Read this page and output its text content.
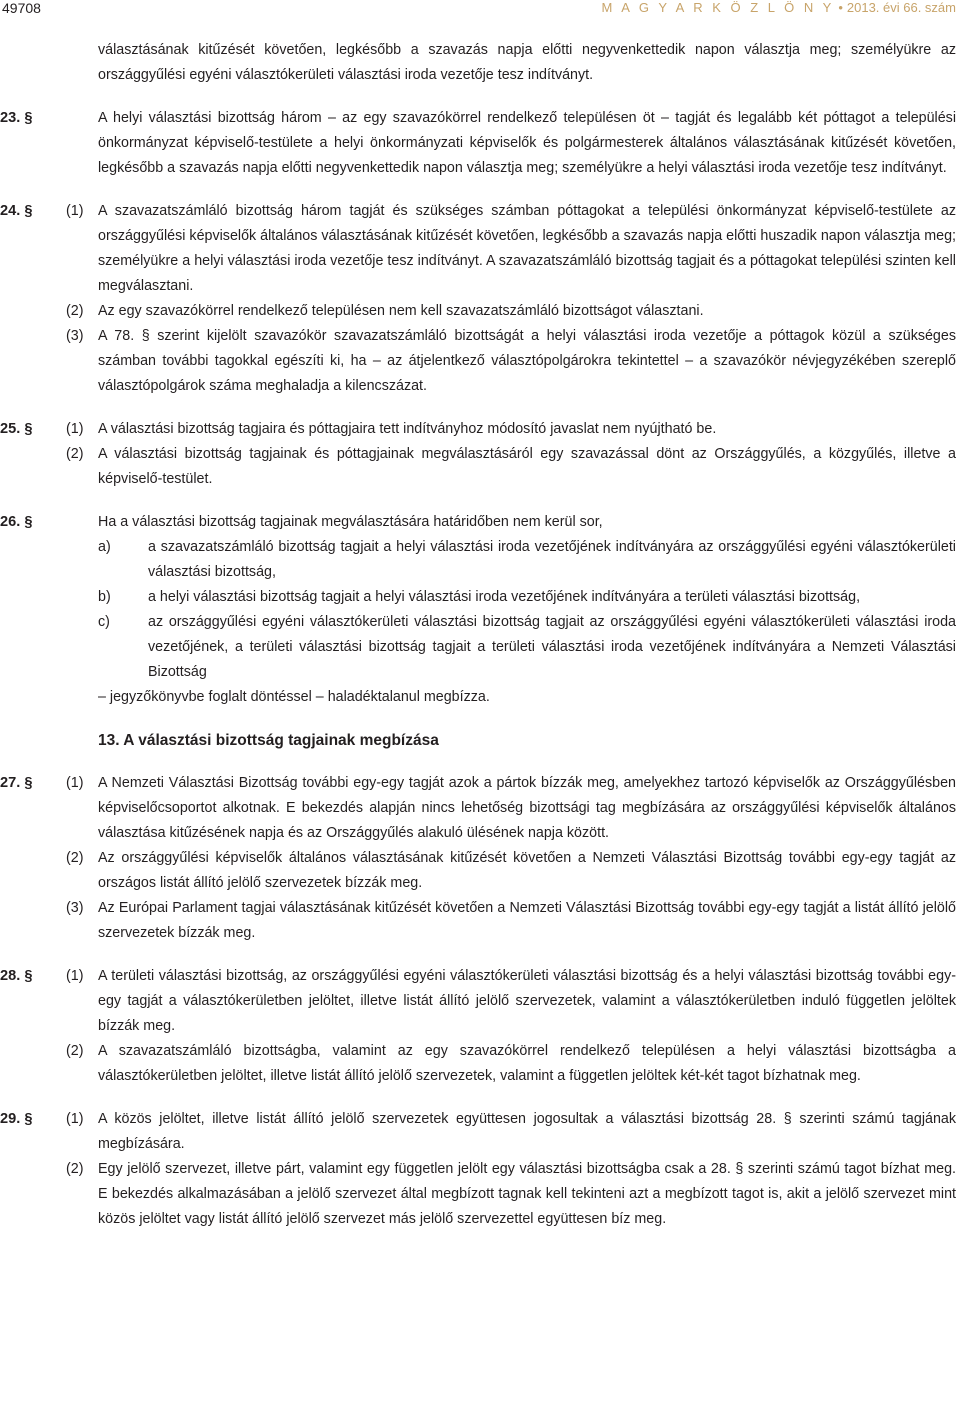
49708	M A G Y A R K Ö Z L Ö N Y • 2013. évi 66. szám
választásának kitűzését követően, legkésőbb a szavazás napja előtti negyvenkettedik napon választja meg; személyükre az országgyűlési egyéni választókerületi választási iroda vezetője tesz indítványt.
23. §	A helyi választási bizottság három – az egy szavazókörrel rendelkező településen öt – tagját és legalább két póttagot a települési önkormányzat képviselő-testülete a helyi önkormányzati képviselők és polgármesterek általános választásának kitűzését követően, legkésőbb a szavazás napja előtti negyvenkettedik napon választja meg; személyükre a helyi választási iroda vezetője tesz indítványt.
24. §	(1) A szavazatszámláló bizottság három tagját és szükséges számban póttagokat a települési önkormányzat képviselő-testülete az országgyűlési képviselők általános választásának kitűzését követően, legkésőbb a szavazás napja előtti huszadik napon választja meg; személyükre a helyi választási iroda vezetője tesz indítványt. A szavazatszámláló bizottság tagjait és a póttagokat települési szinten kell megválasztani.
(2) Az egy szavazókörrel rendelkező településen nem kell szavazatszámláló bizottságot választani.
(3) A 78. § szerint kijelölt szavazókör szavazatszámláló bizottságát a helyi választási iroda vezetője a póttagok közül a szükséges számban további tagokkal egészíti ki, ha – az átjelentkező választópolgárokra tekintettel – a szavazókör névjegyzékében szereplő választópolgárok száma meghaladja a kilencszázat.
25. §	(1) A választási bizottság tagjaira és póttagjaira tett indítványhoz módosító javaslat nem nyújtható be.
(2) A választási bizottság tagjainak és póttagjainak megválasztásáról egy szavazással dönt az Országgyűlés, a közgyűlés, illetve a képviselő-testület.
26. §	Ha a választási bizottság tagjainak megválasztására határidőben nem kerül sor,
a)	a szavazatszámláló bizottság tagjait a helyi választási iroda vezetőjének indítványára az országgyűlési egyéni választókerületi választási bizottság,
b)	a helyi választási bizottság tagjait a helyi választási iroda vezetőjének indítványára a területi választási bizottság,
c)	az országgyűlési egyéni választókerületi választási bizottság tagjait az országgyűlési egyéni választókerületi választási iroda vezetőjének, a területi választási bizottság tagjait a területi választási iroda vezetőjének indítványára a Nemzeti Választási Bizottság
– jegyzőkönyvbe foglalt döntéssel – haladéktalanul megbízza.
13. A választási bizottság tagjainak megbízása
27. §	(1) A Nemzeti Választási Bizottság további egy-egy tagját azok a pártok bízzák meg, amelyekhez tartozó képviselők az Országgyűlésben képviselőcsoportot alkotnak. E bekezdés alapján nincs lehetőség bizottsági tag megbízására az országgyűlési képviselők általános választása kitűzésének napja és az Országgyűlés alakuló ülésének napja között.
(2) Az országgyűlési képviselők általános választásának kitűzését követően a Nemzeti Választási Bizottság további egy-egy tagját az országos listát állító jelölő szervezetek bízzák meg.
(3) Az Európai Parlament tagjai választásának kitűzését követően a Nemzeti Választási Bizottság további egy-egy tagját a listát állító jelölő szervezetek bízzák meg.
28. §	(1) A területi választási bizottság, az országgyűlési egyéni választókerületi választási bizottság és a helyi választási bizottság további egy-egy tagját a választókerületben jelöltet, illetve listát állító jelölő szervezetek, valamint a választókerületben induló független jelöltek bízzák meg.
(2) A szavazatszámláló bizottságba, valamint az egy szavazókörrel rendelkező településen a helyi választási bizottságba a választókerületben jelöltet, illetve listát állító jelölő szervezetek, valamint a független jelöltek két-két tagot bízhatnak meg.
29. §	(1) A közös jelöltet, illetve listát állító jelölő szervezetek együttesen jogosultak a választási bizottság 28. § szerinti számú tagjának megbízására.
(2) Egy jelölő szervezet, illetve párt, valamint egy független jelölt egy választási bizottságba csak a 28. § szerinti számú tagot bízhat meg. E bekezdés alkalmazásában a jelölő szervezet által megbízott tagnak kell tekinteni azt a megbízott tagot is, akit a jelölő szervezet mint közös jelöltet vagy listát állító jelölő szervezet más jelölő szervezettel együttesen bíz meg.
